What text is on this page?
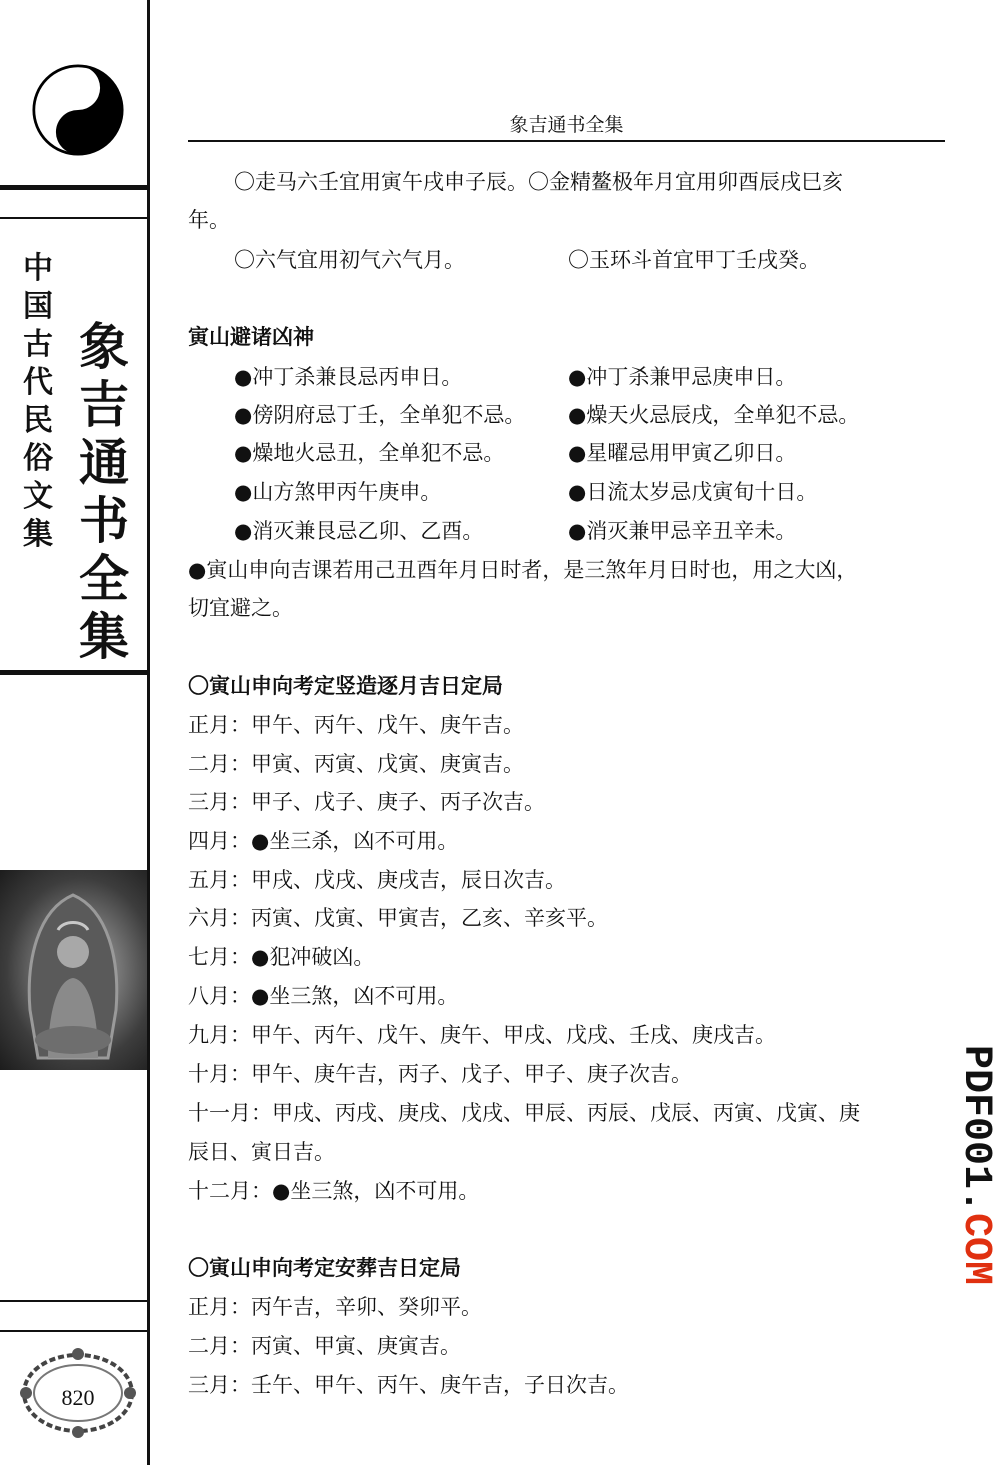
中国古代民俗文集
象吉通书全集
820
象吉通书全集
〇走马六壬宜用寅午戌申子辰。〇金精鳌极年月宜用卯酉辰戌巳亥
年。
〇六气宜用初气六气月。	〇玉环斗首宜甲丁壬戌癸。
寅山避诸凶神
●冲丁杀兼艮忌丙申日。	●冲丁杀兼甲忌庚申日。
●傍阴府忌丁壬，全单犯不忌。 ●燥天火忌辰戌，全单犯不忌。
●燥地火忌丑，全单犯不忌。	●星曜忌用甲寅乙卯日。
●山方煞甲丙午庚申。	●日流太岁忌戊寅旬十日。
●消灭兼艮忌乙卯、乙酉。	●消灭兼甲忌辛丑辛未。
●寅山申向吉课若用己丑酉年月日时者，是三煞年月日时也，用之大凶，
切宜避之。
〇寅山申向考定竖造逐月吉日定局
正月：甲午、丙午、戊午、庚午吉。
二月：甲寅、丙寅、戊寅、庚寅吉。
三月：甲子、戊子、庚子、丙子次吉。
四月：●坐三杀，凶不可用。
五月：甲戌、戊戌、庚戌吉，辰日次吉。
六月：丙寅、戊寅、甲寅吉，乙亥、辛亥平。
七月：●犯冲破凶。
八月：●坐三煞，凶不可用。
九月：甲午、丙午、戊午、庚午、甲戌、戊戌、壬戌、庚戌吉。
十月：甲午、庚午吉，丙子、戊子、甲子、庚子次吉。
十一月：甲戌、丙戌、庚戌、戊戌、甲辰、丙辰、戊辰、丙寅、戊寅、庚
辰日、寅日吉。
十二月：●坐三煞，凶不可用。
〇寅山申向考定安葬吉日定局
正月：丙午吉，辛卯、癸卯平。
二月：丙寅、甲寅、庚寅吉。
三月：壬午、甲午、丙午、庚午吉，子日次吉。
PDF001.COM
